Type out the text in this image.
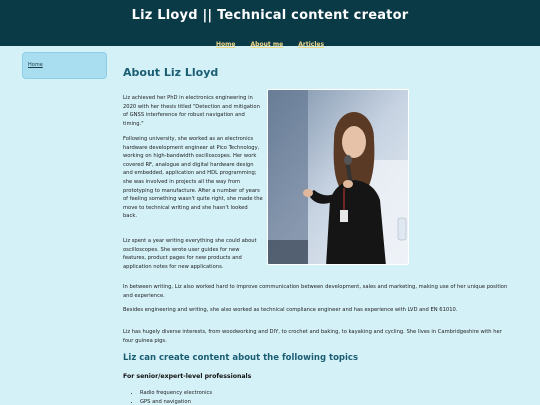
Liz Lloyd || Technical content creator
Home	About me	Articles
Home
About Liz Lloyd

Liz achieved her PhD in electronics engineering in 2020 with her thesis titled "Detection and mitigation of GNSS interference for robust navigation and timing."

Following university, she worked as an electronics hardware development engineer at Pico Technology, working on high-bandwidth oscilloscopes. Her work covered RF, analogue and digital hardware design and embedded, application and HDL programming; she was involved in projects all the way from prototyping to manufacture. After a number of years of feeling something wasn't quite right, she made the move to technical writing and she hasn't looked back.

Liz spent a year writing everything she could about oscilloscopes. She wrote user guides for new features, product pages for new products and application notes for new applications.

In between writing, Liz also worked hard to improve communication between development, sales and marketing, making use of her unique position and experience.

Besides engineering and writing, she also worked as technical compliance engineer and has experience with LVD and EN 61010.

Liz has hugely diverse interests, from woodworking and DIY, to crochet and baking, to kayaking and cycling. She lives in Cambridgeshire with her four guinea pigs.

Liz can create content about the following topics
For senior/expert-level professionals
• Radio frequency electronics
• GPS and navigation
